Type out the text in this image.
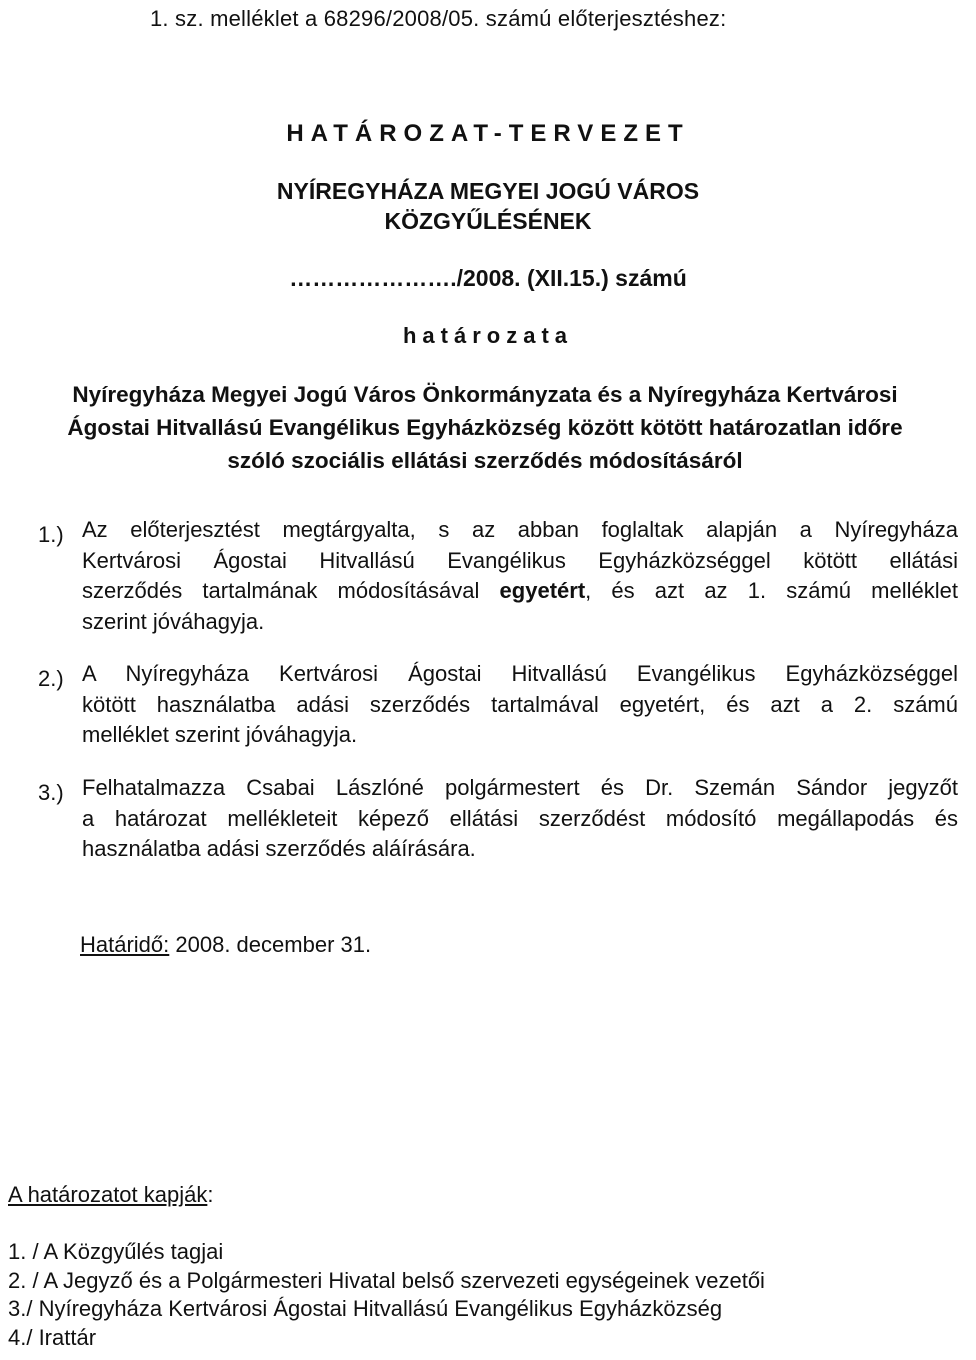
1. sz. melléklet a 68296/2008/05. számú előterjesztéshez:
HATÁROZAT-TERVEZET
NYÍREGYHÁZA MEGYEI JOGÚ VÁROS
KÖZGYŰLÉSÉNEK
…………………./2008. (XII.15.) számú
határozata
Nyíregyháza Megyei Jogú Város Önkormányzata és a Nyíregyháza Kertvárosi
Ágostai Hitvallású Evangélikus Egyházközség között kötött határozatlan időre
szóló szociális ellátási szerződés módosításáról
1.) Az előterjesztést megtárgyalta, s az abban foglaltak alapján a Nyíregyháza
Kertvárosi Ágostai Hitvallású Evangélikus Egyházközséggel kötött ellátási
szerződés tartalmának módosításával egyetért, és azt az 1. számú melléklet
szerint jóváhagyja.
2.) A Nyíregyháza Kertvárosi Ágostai Hitvallású Evangélikus Egyházközséggel
kötött használatba adási szerződés tartalmával egyetért, és azt a 2. számú
melléklet szerint jóváhagyja.
3.) Felhatalmazza Csabai Lászlóné polgármestert és Dr. Szemán Sándor jegyzőt
a határozat mellékleteit képező ellátási szerződést módosító megállapodás és
használatba adási szerződés aláírására.
Határidő: 2008. december 31.
A határozatot kapják:
1. / A Közgyűlés tagjai
2. / A Jegyző és a Polgármesteri Hivatal belső szervezeti egységeinek vezetői
3./ Nyíregyháza Kertvárosi Ágostai Hitvallású Evangélikus Egyházközség
4./ Irattár
